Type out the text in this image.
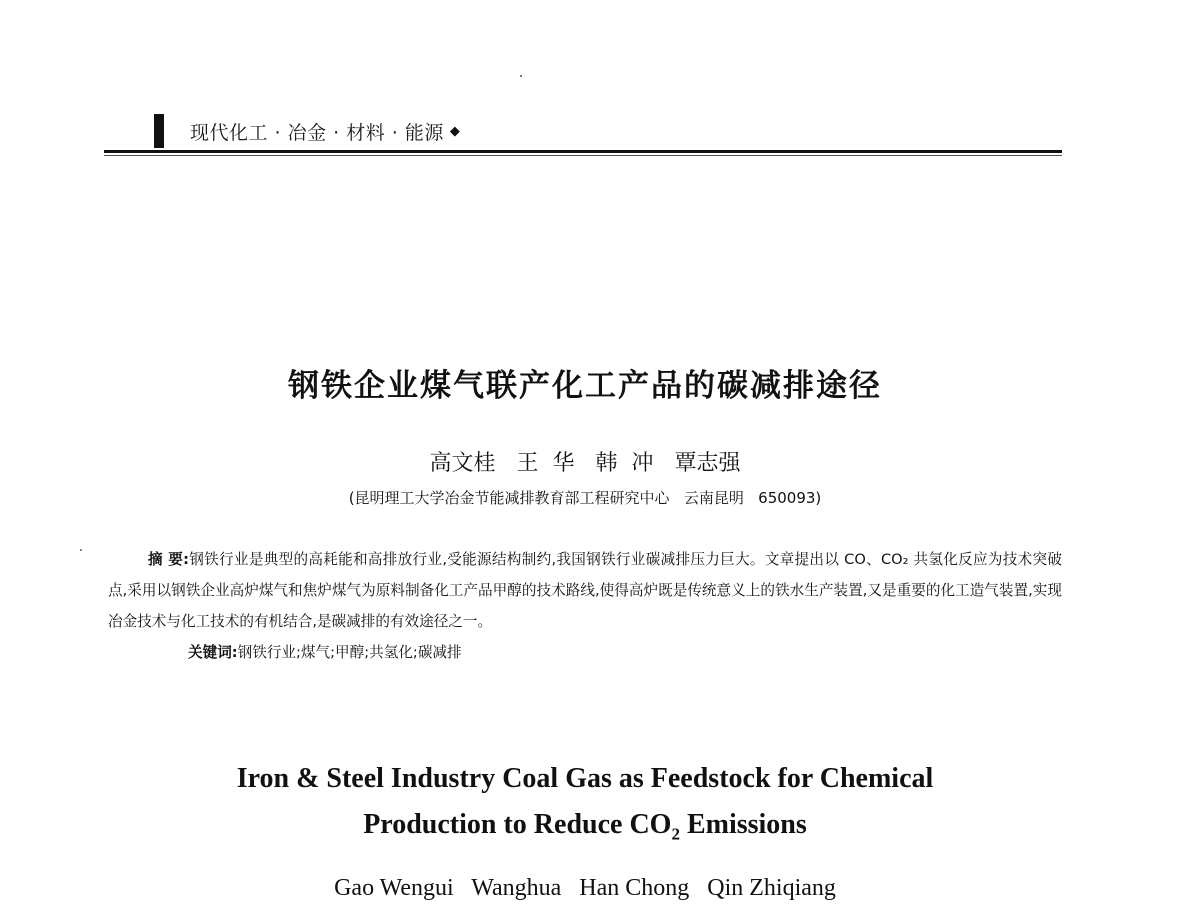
现代化工 · 冶金 · 材料 · 能源 ◆
钢铁企业煤气联产化工产品的碳减排途径
高文桂   王  华   韩  冲   覃志强
(昆明理工大学冶金节能减排教育部工程研究中心   云南昆明   650093)

摘 要:钢铁行业是典型的高耗能和高排放行业,受能源结构制约,我国钢铁行业碳减排压力巨大。文章提出以 CO、CO₂ 共氢化反应为技术突破点,采用以钢铁企业高炉煤气和焦炉煤气为原料制备化工产品甲醇的技术路线,使得高炉既是传统意义上的铁水生产装置,又是重要的化工造气装置,实现冶金技术与化工技术的有机结合,是碳减排的有效途径之一。

关键词:钢铁行业;煤气;甲醇;共氢化;碳减排

Iron & Steel Industry Coal Gas as Feedstock for Chemical
Production to Reduce $CO_2$ Emissions
Gao Wengui   Wanghua   Han Chong   Qin Zhiqiang
